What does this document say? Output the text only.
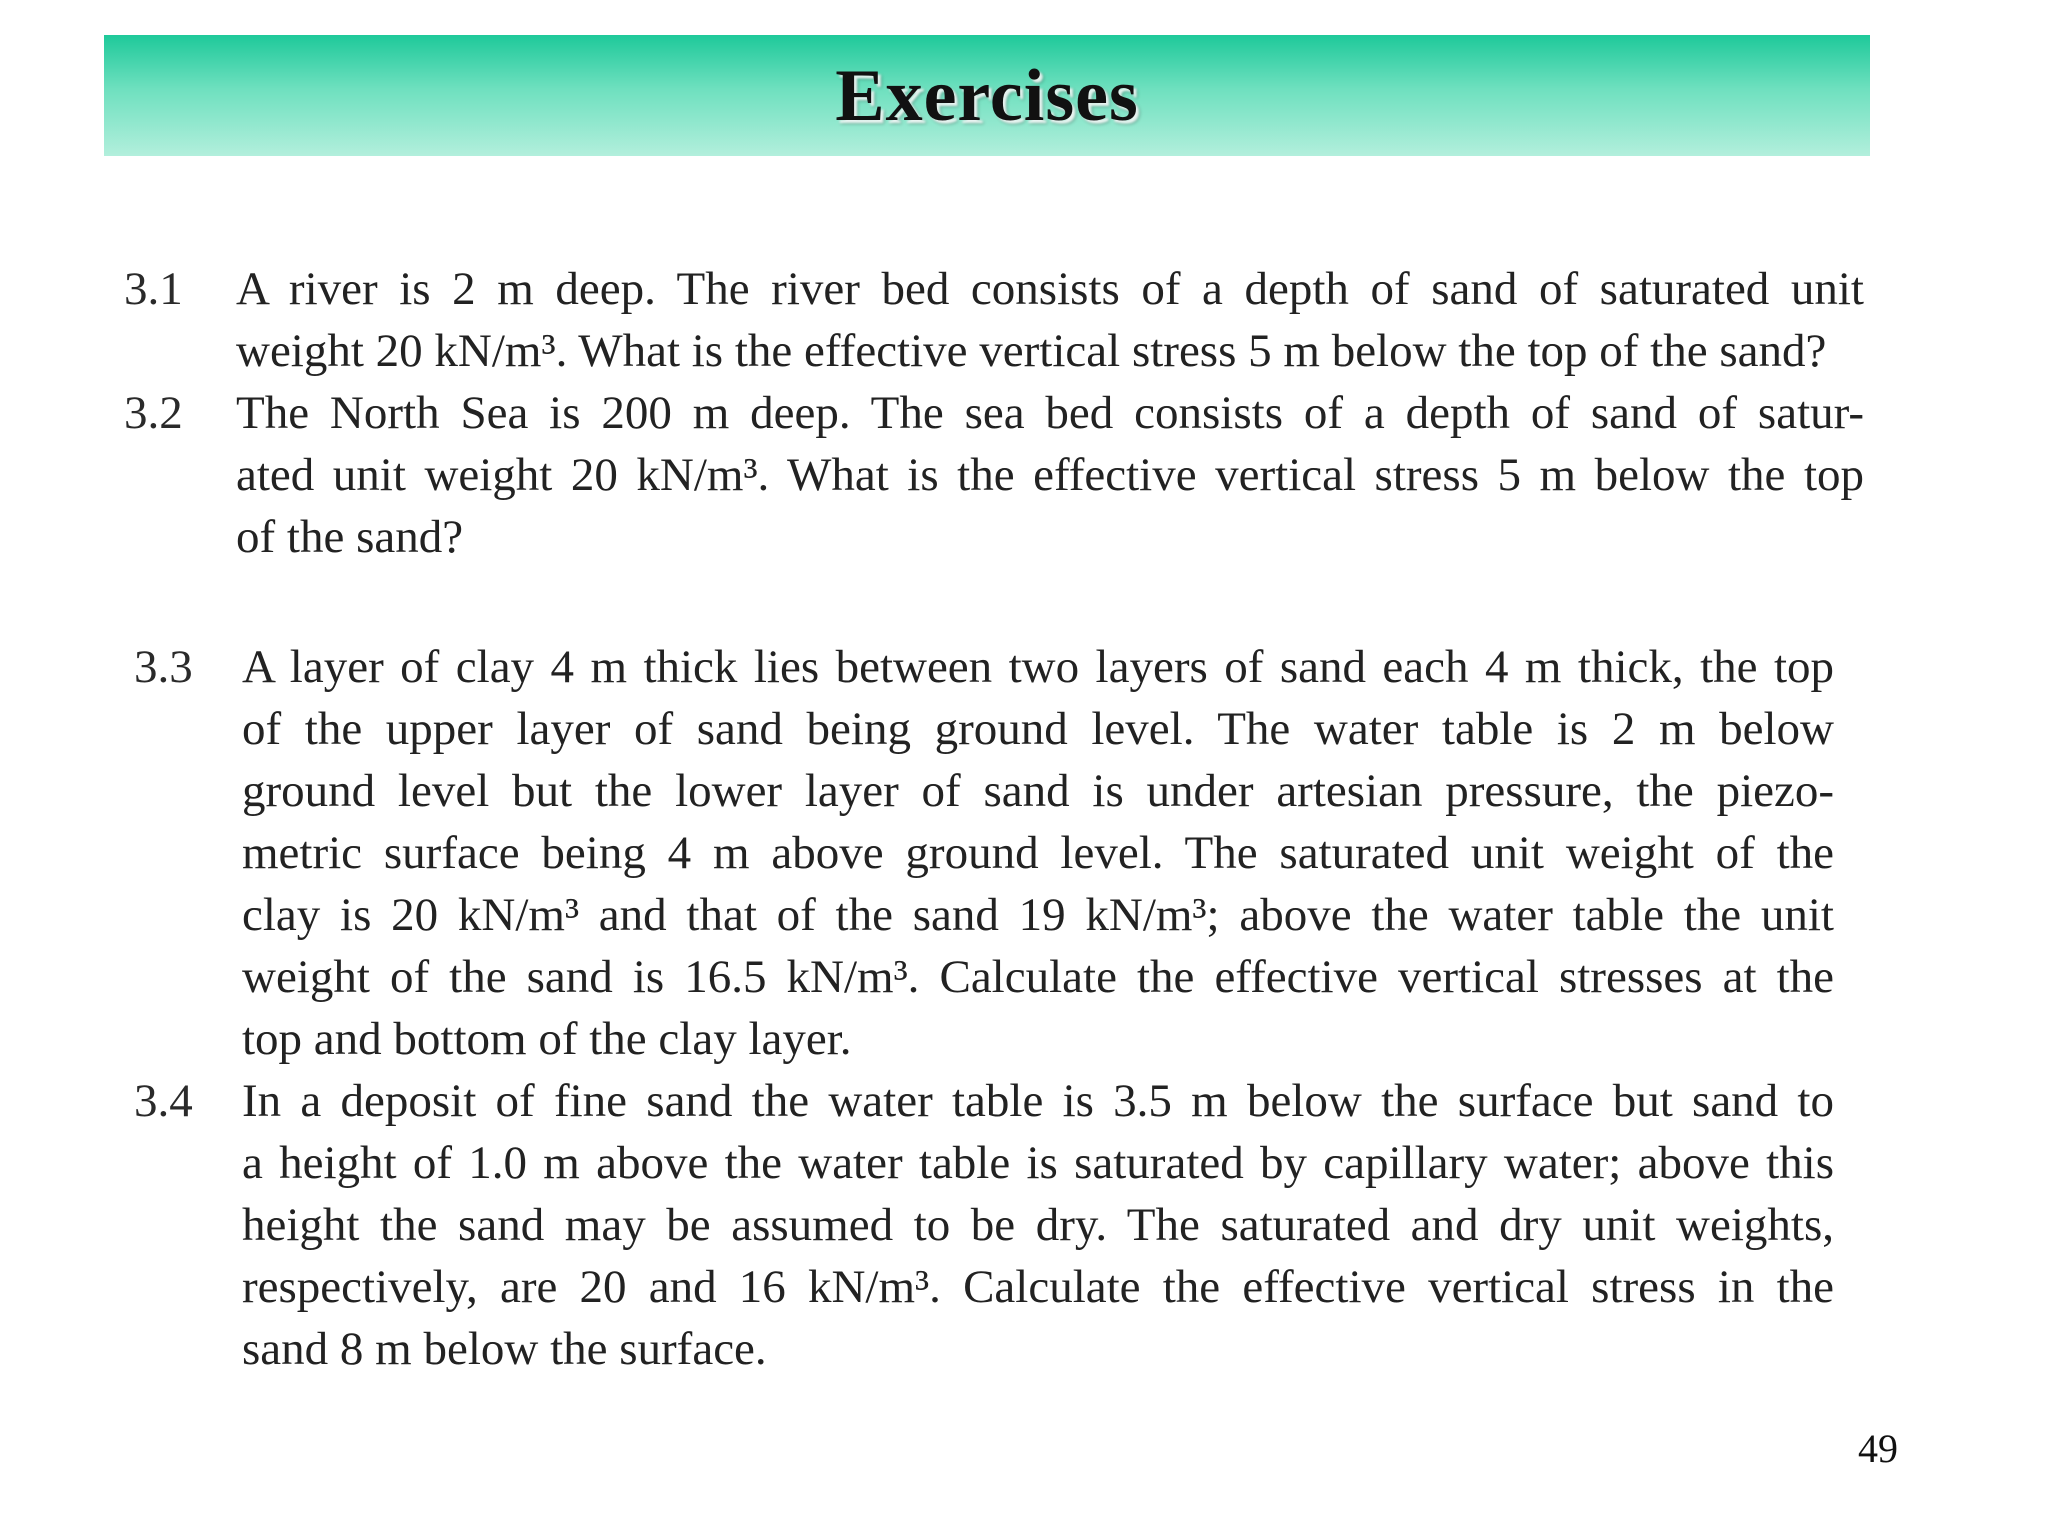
Exercises
3.1	A river is 2 m deep. The river bed consists of a depth of sand of saturated unit
weight 20 kN/m³. What is the effective vertical stress 5 m below the top of the sand?
3.2	The North Sea is 200 m deep. The sea bed consists of a depth of sand of satur-
ated unit weight 20 kN/m³. What is the effective vertical stress 5 m below the top
of the sand?
3.3	A layer of clay 4 m thick lies between two layers of sand each 4 m thick, the top
of the upper layer of sand being ground level. The water table is 2 m below
ground level but the lower layer of sand is under artesian pressure, the piezo-
metric surface being 4 m above ground level. The saturated unit weight of the
clay is 20 kN/m³ and that of the sand 19 kN/m³; above the water table the unit
weight of the sand is 16.5 kN/m³. Calculate the effective vertical stresses at the
top and bottom of the clay layer.
3.4	In a deposit of fine sand the water table is 3.5 m below the surface but sand to
a height of 1.0 m above the water table is saturated by capillary water; above this
height the sand may be assumed to be dry. The saturated and dry unit weights,
respectively, are 20 and 16 kN/m³. Calculate the effective vertical stress in the
sand 8 m below the surface.
49
